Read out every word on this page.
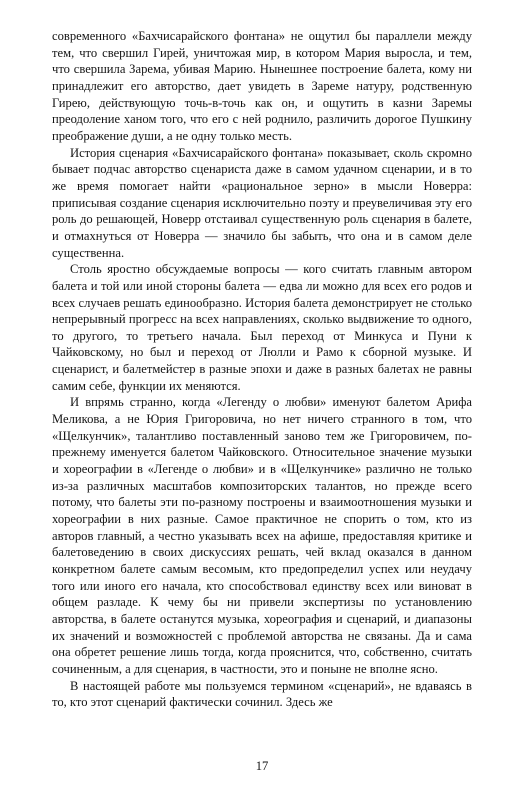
современного «Бахчисарайского фонтана» не ощутил бы параллели между тем, что свершил Гирей, уничтожая мир, в котором Мария выросла, и тем, что свершила Зарема, убивая Марию. Нынешнее построение балета, кому ни принадлежит его авторство, дает увидеть в Зареме натуру, родственную Гирею, действующую точь-в-точь как он, и ощутить в казни Заремы преодоление ханом того, что его с ней роднило, различить дорогое Пушкину преображение души, а не одну только месть.

История сценария «Бахчисарайского фонтана» показывает, сколь скромно бывает подчас авторство сценариста даже в самом удачном сценарии, и в то же время помогает найти «рациональное зерно» в мысли Новерра: приписывая создание сценария исключительно поэту и преувеличивая эту его роль до решающей, Новерр отстаивал существенную роль сценария в балете, и отмахнуться от Новерра — значило бы забыть, что она и в самом деле существенна.

Столь яростно обсуждаемые вопросы — кого считать главным автором балета и той или иной стороны балета — едва ли можно для всех его родов и всех случаев решать единообразно. История балета демонстрирует не столько непрерывный прогресс на всех направлениях, сколько выдвижение то одного, то другого, то третьего начала. Был переход от Минкуса и Пуни к Чайковскому, но был и переход от Люлли и Рамо к сборной музыке. И сценарист, и балетмейстер в разные эпохи и даже в разных балетах не равны самим себе, функции их меняются.

И впрямь странно, когда «Легенду о любви» именуют балетом Арифа Меликова, а не Юрия Григоровича, но нет ничего странного в том, что «Щелкунчик», талантливо поставленный заново тем же Григоровичем, по-прежнему именуется балетом Чайковского. Относительное значение музыки и хореографии в «Легенде о любви» и в «Щелкунчике» различно не только из-за различных масштабов композиторских талантов, но прежде всего потому, что балеты эти по-разному построены и взаимоотношения музыки и хореографии в них разные. Самое практичное не спорить о том, кто из авторов главный, а честно указывать всех на афише, предоставляя критике и балетоведению в своих дискуссиях решать, чей вклад оказался в данном конкретном балете самым весомым, кто предопределил успех или неудачу того или иного его начала, кто способствовал единству всех или виноват в общем разладе. К чему бы ни привели экспертизы по установлению авторства, в балете останутся музыка, хореография и сценарий, и диапазоны их значений и возможностей с проблемой авторства не связаны. Да и сама она обретет решение лишь тогда, когда прояснится, что, собственно, считать сочиненным, а для сценария, в частности, это и поныне не вполне ясно.

В настоящей работе мы пользуемся термином «сценарий», не вдаваясь в то, кто этот сценарий фактически сочинил. Здесь же

17
